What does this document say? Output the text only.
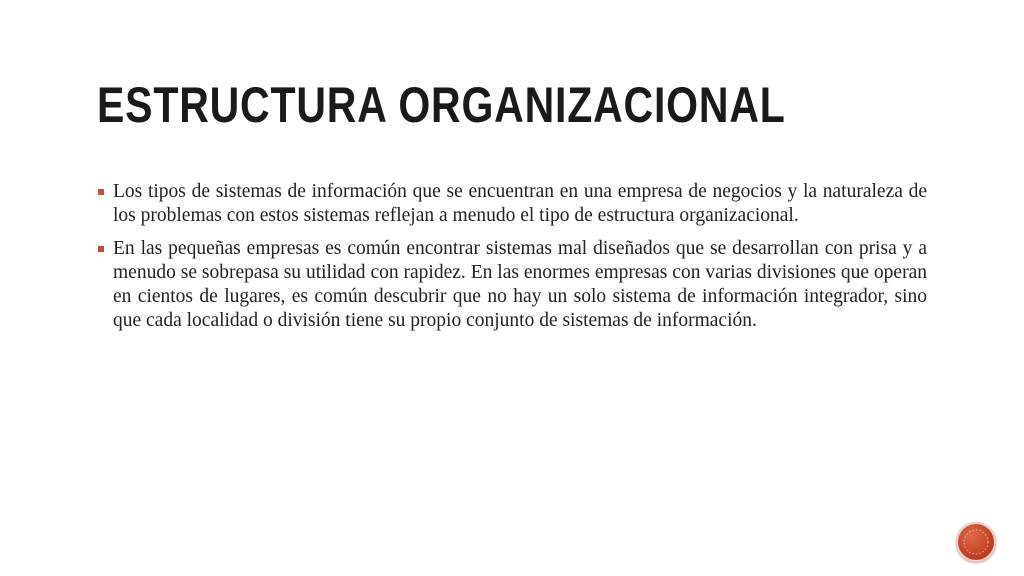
ESTRUCTURA ORGANIZACIONAL
Los tipos de sistemas de información que se encuentran en una empresa de negocios y la naturaleza de los problemas con estos sistemas reflejan a menudo el tipo de estructura organizacional.
En las pequeñas empresas es común encontrar sistemas mal diseñados que se desarrollan con prisa y a menudo se sobrepasa su utilidad con rapidez. En las enormes empresas con varias divisiones que operan en cientos de lugares, es común descubrir que no hay un solo sistema de información integrador, sino que cada localidad o división tiene su propio conjunto de sistemas de información.
